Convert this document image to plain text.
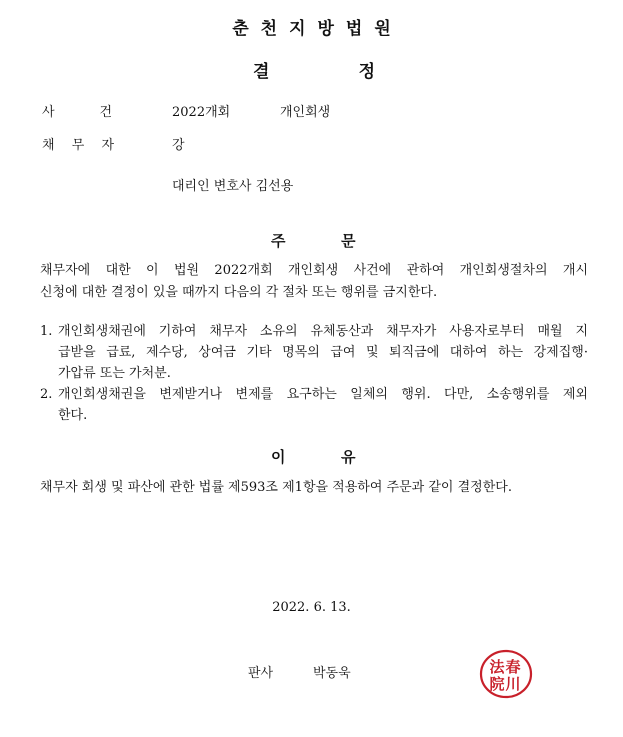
춘천지방법원
결	정
사	건	2022개회	개인회생
채 무 자	강
대리인 변호사 김선용
주	문
채무자에 대한 이 법원 2022개회 개인회생 사건에 관하여 개인회생절차의 개시
신청에 대한 결정이 있을 때까지 다음의 각 절차 또는 행위를 금지한다.
1. 개인회생채권에 기하여 채무자 소유의 유체동산과 채무자가 사용자로부터 매월 지
급받을 급료, 제수당, 상여금 기타 명목의 급여 및 퇴직금에 대하여 하는 강제집행·
가압류 또는 가처분.
2. 개인회생채권을 변제받거나 변제를 요구하는 일체의 행위. 다만, 소송행위를 제외
한다.
이	유
채무자 회생 및 파산에 관한 법률 제593조 제1항을 적용하여 주문과 같이 결정한다.
2022. 6. 13.
판사	박동욱	春
川
法
院
